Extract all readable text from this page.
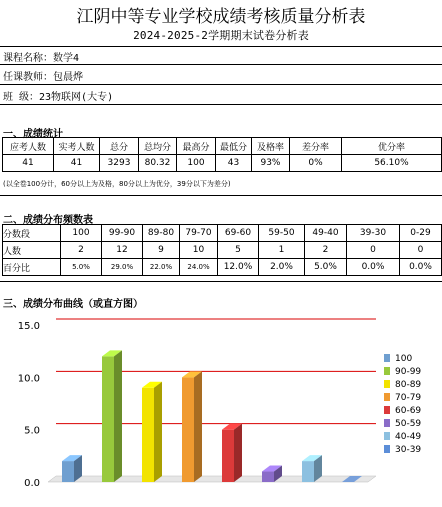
江阴中等专业学校成绩考核质量分析表
2024-2025-2学期期末试卷分析表
课程名称：数学4
任课教师：包晨烨
班 级：23物联网(大专)
一、成绩统计
应考人数	实考人数	总分	总均分	最高分	最低分	及格率	差分率	优分率
41	41	3293	80.32	100	43	93%	0%	56.10%
(以全卷100分计，60分以上为及格，80分以上为优分，39分以下为差分)
二、成绩分布频数表
分数段	100	99-90	89-80	79-70	69-60	59-50	49-40	39-30	0-29
人数	2	12	9	10	5	1	2	0	0
百分比	5.0%	29.0%	22.0%	24.0%	12.0%	2.0%	5.0%	0.0%	0.0%
三、成绩分布曲线（或直方图）
0.0
5.0
10.0
15.0
100
90-99
80-89
70-79
60-69
50-59
40-49
30-39
